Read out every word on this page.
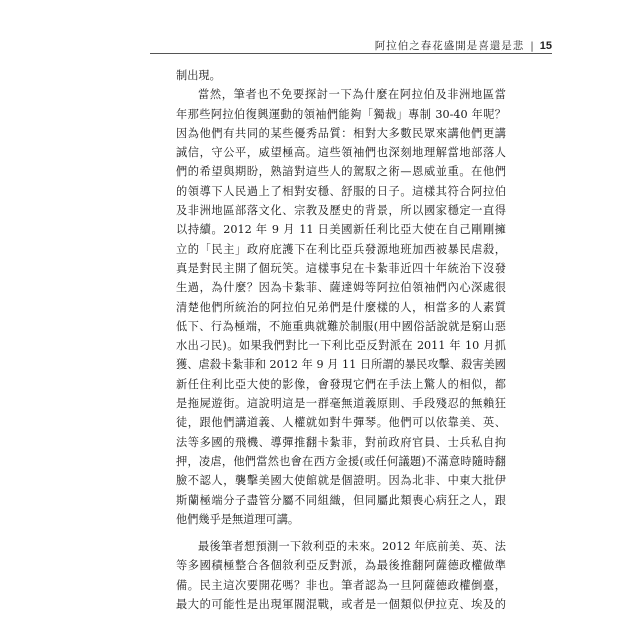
阿拉伯之春花盛開是喜還是悲 | 15
制出現。
當然，筆者也不免要探討一下為什麼在阿拉伯及非洲地區當
年那些阿拉伯復興運動的領袖們能夠「獨裁」專制 30-40 年呢？
因為他們有共同的某些優秀品質：相對大多數民眾來講他們更講
誠信，守公平，威望極高。這些領袖們也深刻地理解當地部落人
們的希望與期盼，熟諳對這些人的駕馭之術—恩威並重。在他們
的領導下人民過上了相對安穩、舒服的日子。這樣其符合阿拉伯
及非洲地區部落文化、宗教及歷史的背景，所以國家穩定一直得
以持續。2012 年 9 月 11 日美國新任利比亞大使在自己剛剛擁
立的「民主」政府庇護下在利比亞兵發源地班加西被暴民虐殺，
真是對民主開了個玩笑。這樣事兒在卡紮菲近四十年統治下沒發
生過，為什麼？因為卡紮菲、薩達姆等阿拉伯領袖們內心深處很
清楚他們所統治的阿拉伯兄弟們是什麼樣的人，相當多的人素質
低下、行為極端，不施重典就難於制服(用中國俗話說就是窮山惡
水出刁民)。如果我們對比一下利比亞反對派在 2011 年 10 月抓
獲、虐殺卡紮菲和 2012 年 9 月 11 日所謂的暴民攻擊、殺害美國
新任住利比亞大使的影像，會發現它們在手法上驚人的相似，都
是拖屍遊街。這說明這是一群毫無道義原則、手段殘忍的無賴狂
徒，跟他們講道義、人權就如對牛彈琴。他們可以依靠美、英、
法等多國的飛機、導彈推翻卡紮菲，對前政府官員、士兵私自拘
押，凌虐，他們當然也會在西方金援(或任何議題)不滿意時隨時翻
臉不認人，襲擊美國大使館就是個證明。因為北非、中東大批伊
斯蘭極端分子盡管分屬不同組織，但同屬此類喪心病狂之人，跟
他們幾乎是無道理可講。
最後筆者想預測一下敘利亞的未來。2012 年底前美、英、法
等多國積極整合各個敘利亞反對派，為最後推翻阿薩德政權做準
備。民主這次要開花嗎？非也。筆者認為一旦阿薩德政權倒臺，
最大的可能性是出現軍閥混戰，或者是一個類似伊拉克、埃及的
